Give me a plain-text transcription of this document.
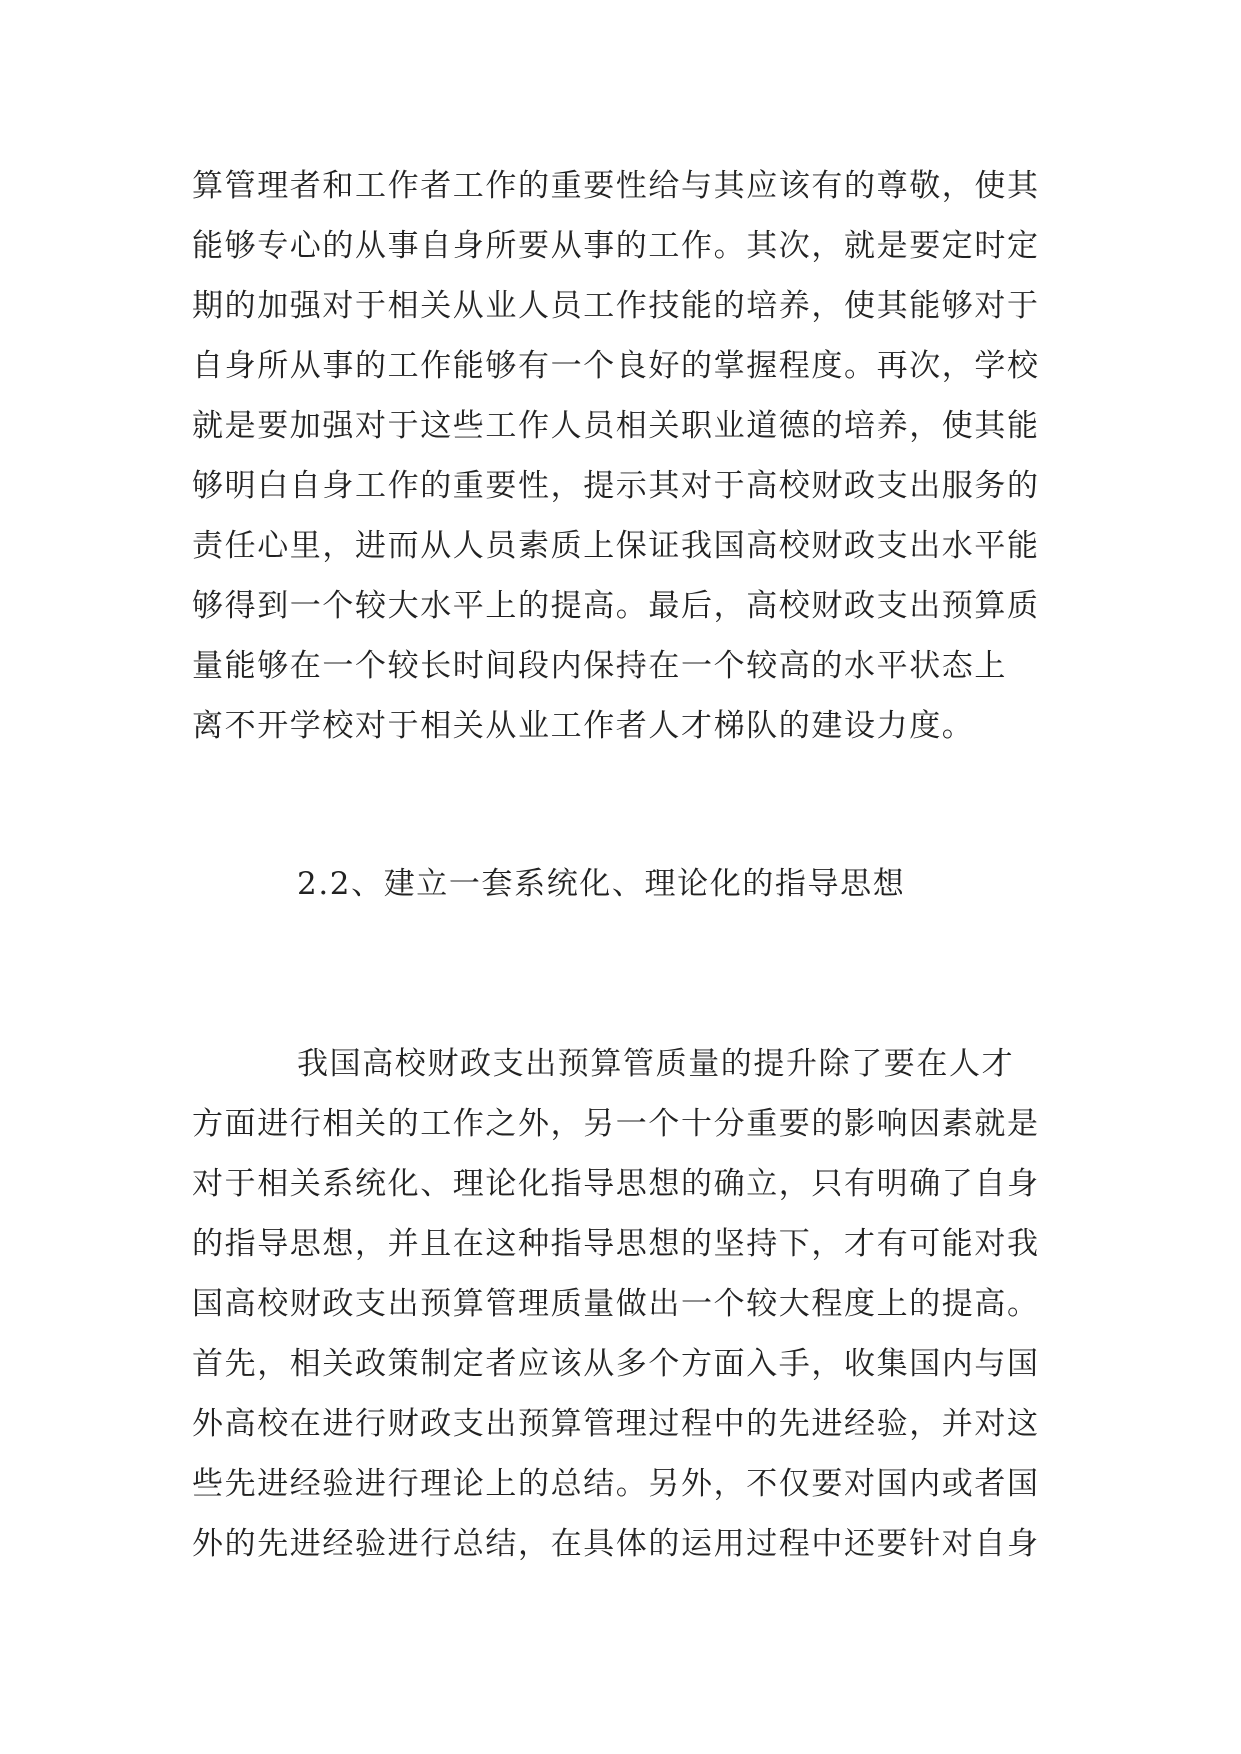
算管理者和工作者工作的重要性给与其应该有的尊敬，使其
能够专心的从事自身所要从事的工作。其次，就是要定时定
期的加强对于相关从业人员工作技能的培养，使其能够对于
自身所从事的工作能够有一个良好的掌握程度。再次，学校
就是要加强对于这些工作人员相关职业道德的培养，使其能
够明白自身工作的重要性，提示其对于高校财政支出服务的
责任心里，进而从人员素质上保证我国高校财政支出水平能
够得到一个较大水平上的提高。最后，高校财政支出预算质
量能够在一个较长时间段内保持在一个较高的水平状态上
离不开学校对于相关从业工作者人才梯队的建设力度。
2.2、建立一套系统化、理论化的指导思想
我国高校财政支出预算管质量的提升除了要在人才
方面进行相关的工作之外，另一个十分重要的影响因素就是
对于相关系统化、理论化指导思想的确立，只有明确了自身
的指导思想，并且在这种指导思想的坚持下，才有可能对我
国高校财政支出预算管理质量做出一个较大程度上的提高。
首先，相关政策制定者应该从多个方面入手，收集国内与国
外高校在进行财政支出预算管理过程中的先进经验，并对这
些先进经验进行理论上的总结。另外，不仅要对国内或者国
外的先进经验进行总结，在具体的运用过程中还要针对自身
